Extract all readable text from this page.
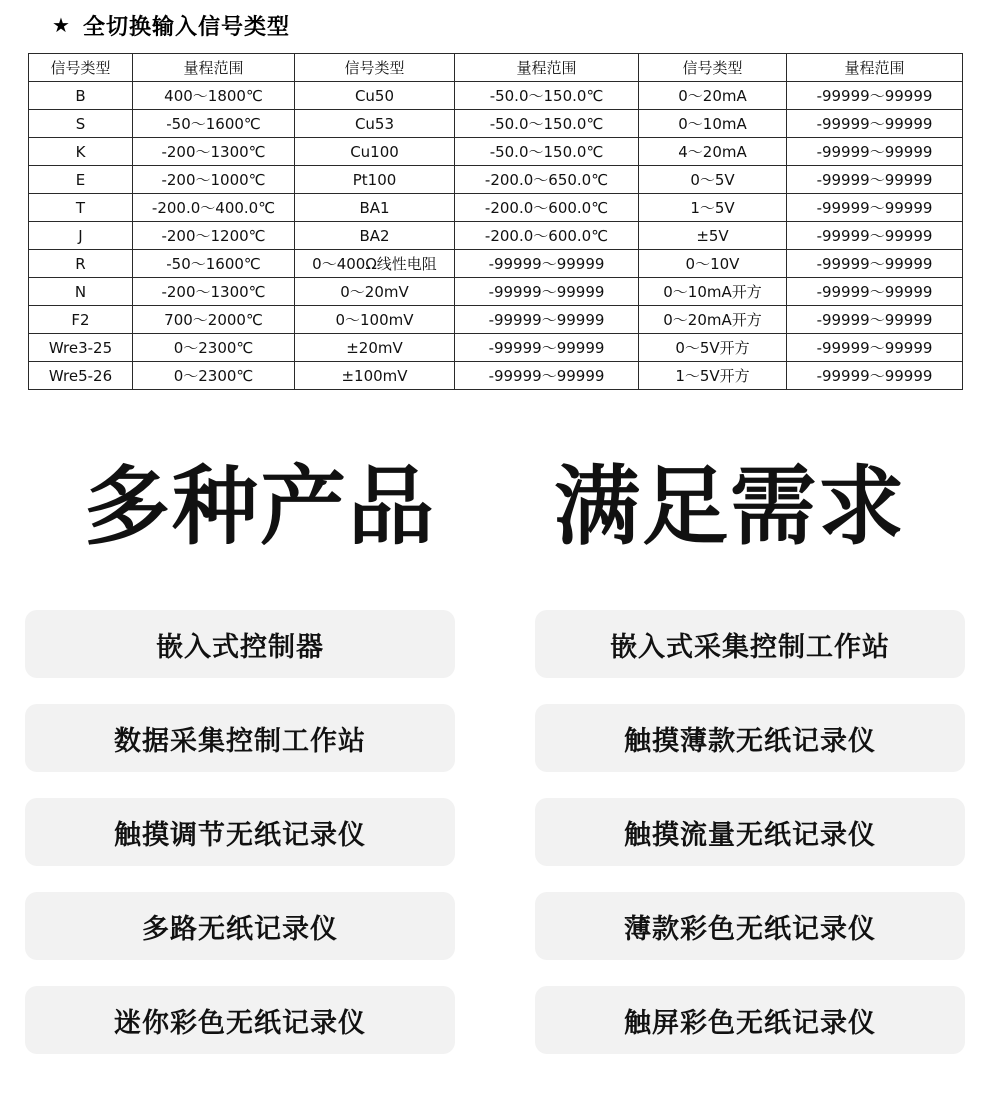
★ 全切换输入信号类型
信号类型	量程范围	信号类型	量程范围	信号类型	量程范围
B	400～1800℃	Cu50	-50.0～150.0℃	0～20mA	-99999～99999
S	-50～1600℃	Cu53	-50.0～150.0℃	0～10mA	-99999～99999
K	-200～1300℃	Cu100	-50.0～150.0℃	4～20mA	-99999～99999
E	-200～1000℃	Pt100	-200.0～650.0℃	0～5V	-99999～99999
T	-200.0～400.0℃	BA1	-200.0～600.0℃	1～5V	-99999～99999
J	-200～1200℃	BA2	-200.0～600.0℃	±5V	-99999～99999
R	-50～1600℃	0～400Ω线性电阻	-99999～99999	0～10V	-99999～99999
N	-200～1300℃	0～20mV	-99999～99999	0～10mA开方	-99999～99999
F2	700～2000℃	0～100mV	-99999～99999	0～20mA开方	-99999～99999
Wre3-25	0～2300℃	±20mV	-99999～99999	0～5V开方	-99999～99999
Wre5-26	0～2300℃	±100mV	-99999～99999	1～5V开方	-99999～99999
多种产品 满足需求
嵌入式控制器	嵌入式采集控制工作站
数据采集控制工作站	触摸薄款无纸记录仪
触摸调节无纸记录仪	触摸流量无纸记录仪
多路无纸记录仪	薄款彩色无纸记录仪
迷你彩色无纸记录仪	触屏彩色无纸记录仪
